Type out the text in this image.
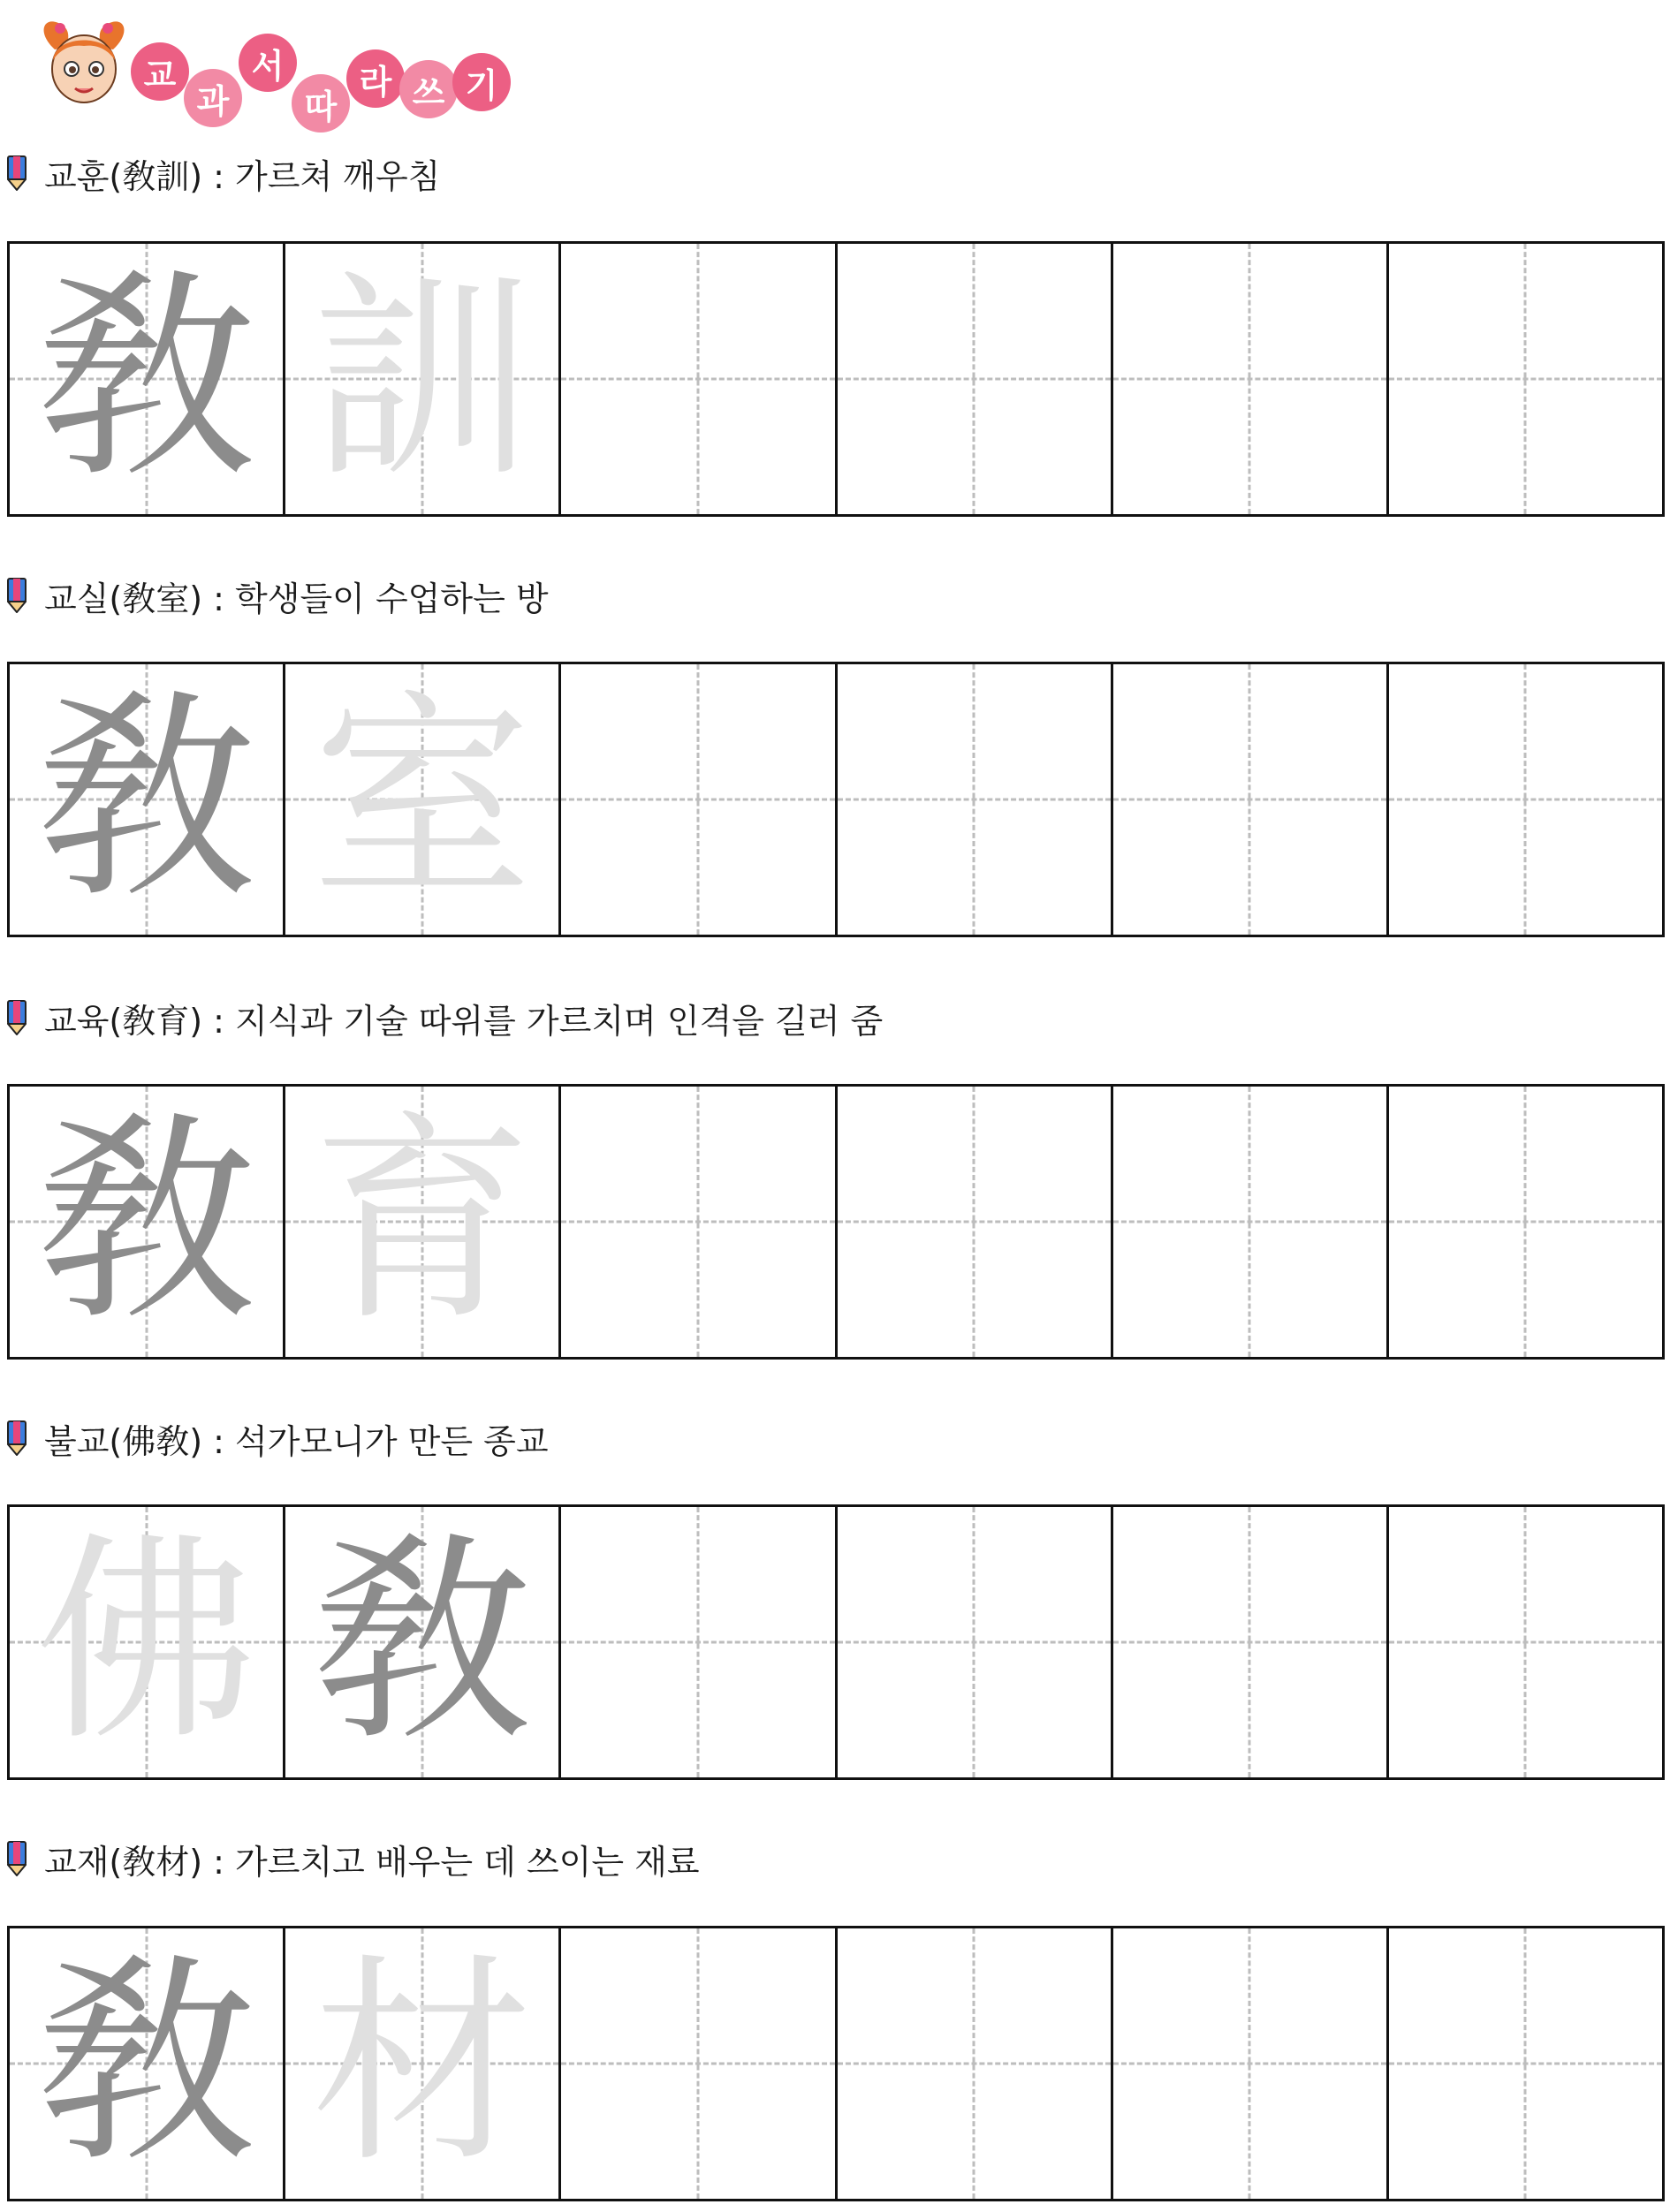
교
과
서
따
라 쓰 기
교훈(敎訓) : 가르쳐 깨우침
敎 訓
교실(敎室) : 학생들이 수업하는 방
敎 室
교육(敎育) : 지식과 기술 따위를 가르치며 인격을 길러 줌
敎 育
불교(佛敎) : 석가모니가 만든 종교
佛 敎
교재(敎材) : 가르치고 배우는 데 쓰이는 재료
敎 材
